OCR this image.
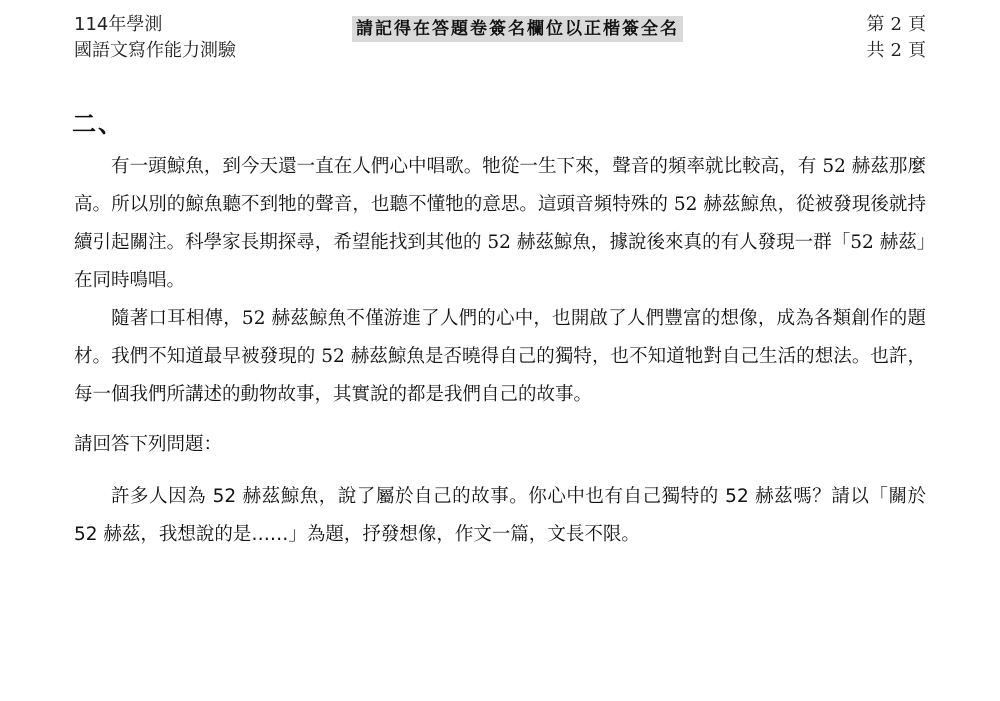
114年學測
國語文寫作能力測驗
請記得在答題卷簽名欄位以正楷簽全名	第 2 頁
共 2 頁
二、

有一頭鯨魚，到今天還一直在人們心中唱歌。牠從一生下來，聲音的頻率就比較高，有 52 赫茲那麼高。所以別的鯨魚聽不到牠的聲音，也聽不懂牠的意思。這頭音頻特殊的 52 赫茲鯨魚，從被發現後就持續引起關注。科學家長期探尋，希望能找到其他的 52 赫茲鯨魚，據說後來真的有人發現一群「52 赫茲」在同時鳴唱。

隨著口耳相傳，52 赫茲鯨魚不僅游進了人們的心中，也開啟了人們豐富的想像，成為各類創作的題材。我們不知道最早被發現的 52 赫茲鯨魚是否曉得自己的獨特，也不知道牠對自己生活的想法。也許，每一個我們所講述的動物故事，其實說的都是我們自己的故事。

請回答下列問題：

許多人因為 52 赫茲鯨魚，說了屬於自己的故事。你心中也有自己獨特的 52 赫茲嗎？請以「關於 52 赫茲，我想說的是……」為題，抒發想像，作文一篇，文長不限。
